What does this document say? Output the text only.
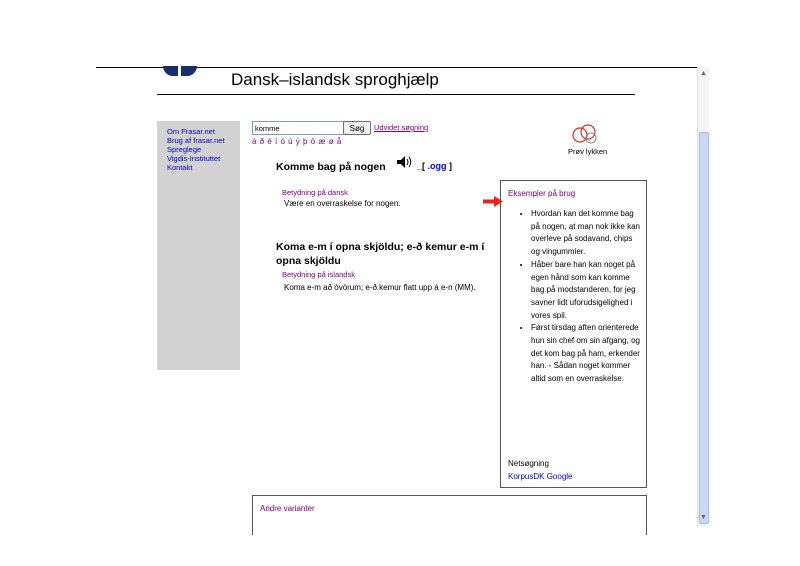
Dansk–islandsk sproghjælp
Om Frasar.net
Brug af frasar.net
Spreglege
Vigdis-Instituttet
Kontakt
komme
Søg	Udvidet søgning
á ð é í ó ú ý þ ö æ ø å
Prøv lykken
Komme bag på nogen	_[ .ogg ]
Betydning på dansk
Være en overraskelse for nogen.
Koma e-m í opna skjöldu; e-ð kemur e-m í opna skjöldu
Betydning på islandsk
Koma e-m að óvörum; e-ð kemur flatt upp á e-n (MM).
Eksempler på brug
• Hvordan kan det komme bag på nogen, at man nok ikke kan overleve på sodavand, chips og vingummier.
• Håber bare han kan noget på egen hånd som kan komme bag på modstanderen, for jeg savner lidt uforudsigelighed i vores spil.
• Først tirsdag aften orienterede hun sin chef om sin afgang, og det kom bag på ham, erkender han. - Sådan noget kommer altid som en overraskelse.
Netsøgning
KorpusDK Google
Andre varianter
▲
▼
